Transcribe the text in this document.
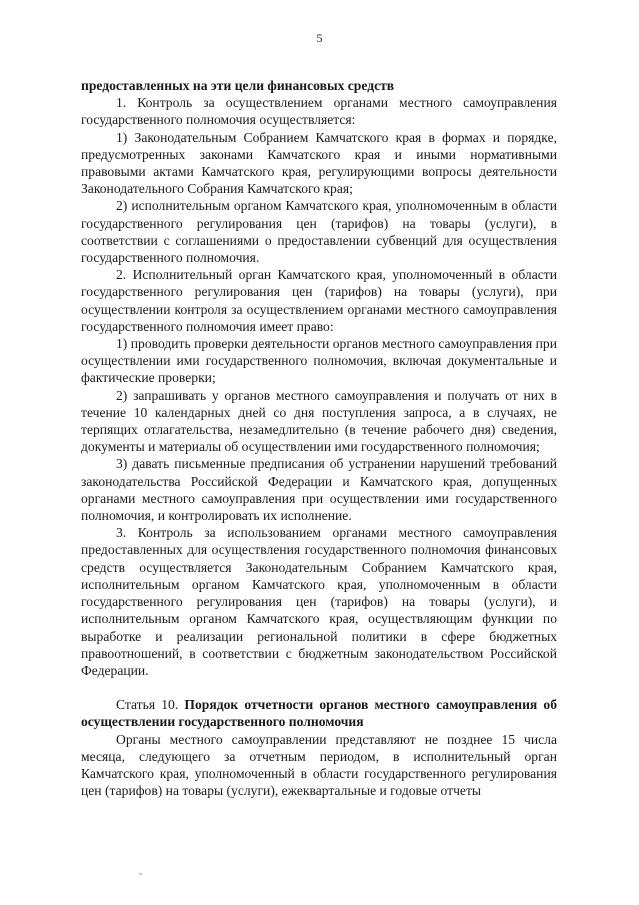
5

предоставленных на эти цели финансовых средств

1. Контроль за осуществлением органами местного самоуправления государственного полномочия осуществляется:

1) Законодательным Собранием Камчатского края в формах и порядке, предусмотренных законами Камчатского края и иными нормативными правовыми актами Камчатского края, регулирующими вопросы деятельности Законодательного Собрания Камчатского края;

2) исполнительным органом Камчатского края, уполномоченным в области государственного регулирования цен (тарифов) на товары (услуги), в соответствии с соглашениями о предоставлении субвенций для осуществления государственного полномочия.

2. Исполнительный орган Камчатского края, уполномоченный в области государственного регулирования цен (тарифов) на товары (услуги), при осуществлении контроля за осуществлением органами местного самоуправления государственного полномочия имеет право:

1) проводить проверки деятельности органов местного самоуправления при осуществлении ими государственного полномочия, включая документальные и фактические проверки;

2) запрашивать у органов местного самоуправления и получать от них в течение 10 календарных дней со дня поступления запроса, а в случаях, не терпящих отлагательства, незамедлительно (в течение рабочего дня) сведения, документы и материалы об осуществлении ими государственного полномочия;

3) давать письменные предписания об устранении нарушений требований законодательства Российской Федерации и Камчатского края, допущенных органами местного самоуправления при осуществлении ими государственного полномочия, и контролировать их исполнение.

3. Контроль за использованием органами местного самоуправления предоставленных для осуществления государственного полномочия финансовых средств осуществляется Законодательным Собранием Камчатского края, исполнительным органом Камчатского края, уполномоченным в области государственного регулирования цен (тарифов) на товары (услуги), и исполнительным органом Камчатского края, осуществляющим функции по выработке и реализации региональной политики в сфере бюджетных правоотношений, в соответствии с бюджетным законодательством Российской Федерации.

Статья 10. Порядок отчетности органов местного самоуправления об осуществлении государственного полномочия

Органы местного самоуправлении представляют не позднее 15 числа месяца, следующего за отчетным периодом, в исполнительный орган Камчатского края, уполномоченный в области государственного регулирования цен (тарифов) на товары (услуги), ежеквартальные и годовые отчеты
